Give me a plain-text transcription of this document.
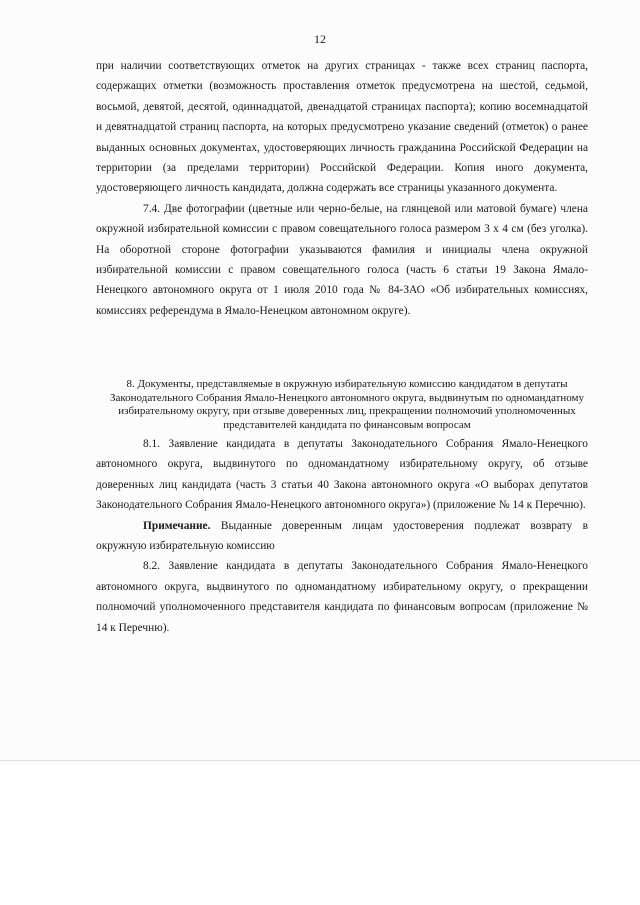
12

при наличии соответствующих отметок на других страницах - также всех страниц паспорта, содержащих отметки (возможность проставления отметок предусмотрена на шестой, седьмой, восьмой, девятой, десятой, одиннадцатой, двенадцатой страницах паспорта); копию восемнадцатой и девятнадцатой страниц паспорта, на которых предусмотрено указание сведений (отметок) о ранее выданных основных документах, удостоверяющих личность гражданина Российской Федерации на территории (за пределами территории) Российской Федерации. Копия иного документа, удостоверяющего личность кандидата, должна содержать все страницы указанного документа.

7.4. Две фотографии (цветные или черно-белые, на глянцевой или матовой бумаге) члена окружной избирательной комиссии с правом совещательного голоса размером 3 х 4 см (без уголка). На оборотной стороне фотографии указываются фамилия и инициалы члена окружной избирательной комиссии с правом совещательного голоса (часть 6 статьи 19 Закона Ямало-Ненецкого автономного округа от 1 июля 2010 года № 84-ЗАО «Об избирательных комиссиях, комиссиях референдума в Ямало-Ненецком автономном округе).

8. Документы, представляемые в окружную избирательную комиссию кандидатом в депутаты Законодательного Собрания Ямало-Ненецкого автономного округа, выдвинутым по одномандатному избирательному округу, при отзыве доверенных лиц, прекращении полномочий уполномоченных представителей кандидата по финансовым вопросам

8.1. Заявление кандидата в депутаты Законодательного Собрания Ямало-Ненецкого автономного округа, выдвинутого по одномандатному избирательному округу, об отзыве доверенных лиц кандидата (часть 3 статьи 40 Закона автономного округа «О выборах депутатов Законодательного Собрания Ямало-Ненецкого автономного округа») (приложение № 14 к Перечню).

Примечание. Выданные доверенным лицам удостоверения подлежат возврату в окружную избирательную комиссию

8.2. Заявление кандидата в депутаты Законодательного Собрания Ямало-Ненецкого автономного округа, выдвинутого по одномандатному избирательному округу, о прекращении полномочий уполномоченного представителя кандидата по финансовым вопросам (приложение № 14 к Перечню).
